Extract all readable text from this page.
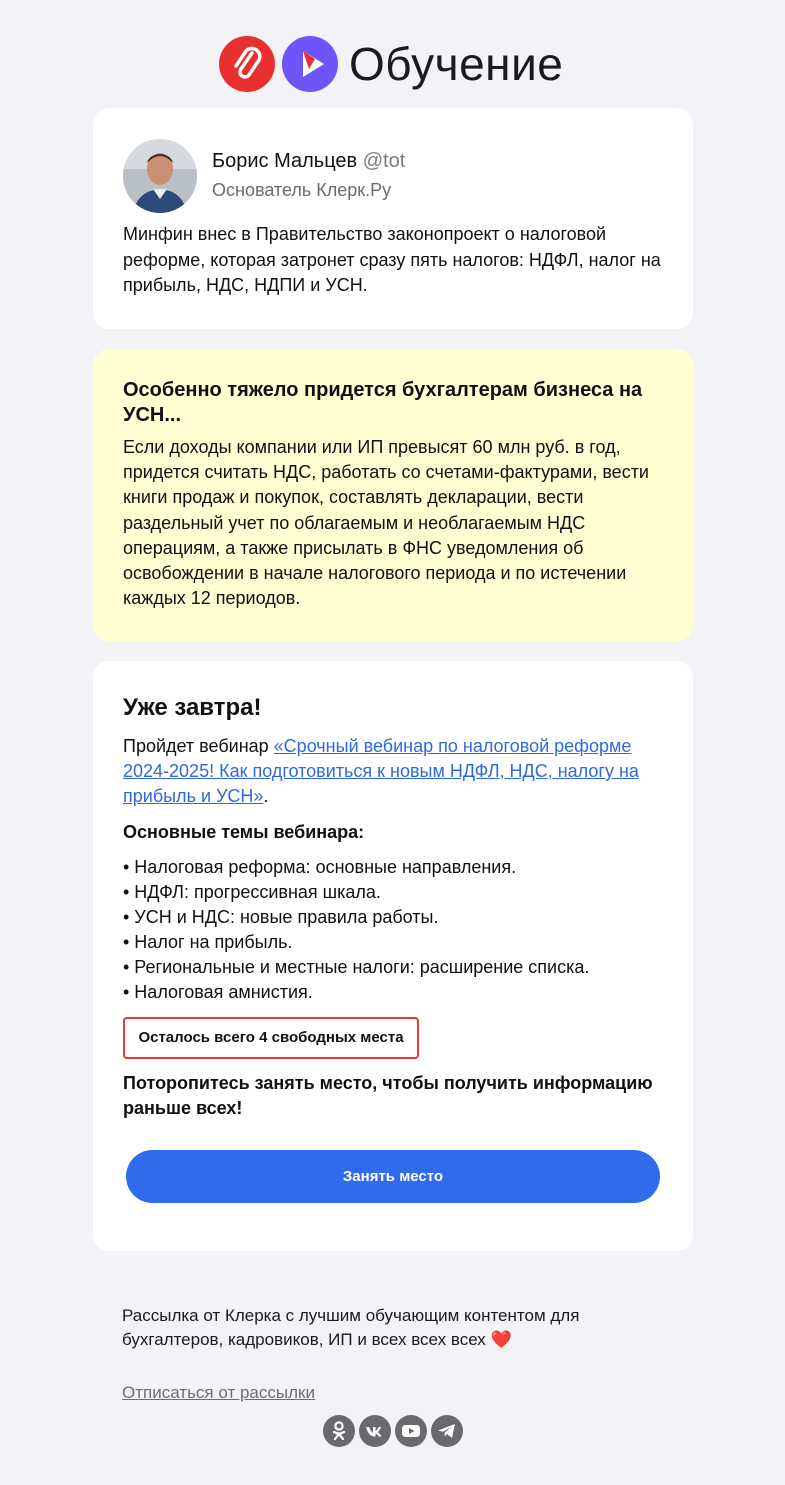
Обучение
Борис Мальцев @tot
Основатель Клерк.Ру
Минфин внес в Правительство законопроект о налоговой реформе, которая затронет сразу пять налогов: НДФЛ, налог на прибыль, НДС, НДПИ и УСН.
Особенно тяжело придется бухгалтерам бизнеса на УСН...
Если доходы компании или ИП превысят 60 млн руб. в год, придется считать НДС, работать со счетами-фактурами, вести книги продаж и покупок, составлять декларации, вести раздельный учет по облагаемым и необлагаемым НДС операциям, а также присылать в ФНС уведомления об освобождении в начале налогового периода и по истечении каждых 12 периодов.
Уже завтра!
Пройдет вебинар «Срочный вебинар по налоговой реформе 2024-2025! Как подготовиться к новым НДФЛ, НДС, налогу на прибыль и УСН».
Основные темы вебинара:
• Налоговая реформа: основные направления.
• НДФЛ: прогрессивная шкала.
• УСН и НДС: новые правила работы.
• Налог на прибыль.
• Региональные и местные налоги: расширение списка.
• Налоговая амнистия.
Осталось всего 4 свободных места
Поторопитесь занять место, чтобы получить информацию раньше всех!
Занять место
Рассылка от Клерка с лучшим обучающим контентом для бухгалтеров, кадровиков, ИП и всех всех всех ❤️
Отписаться от рассылки
